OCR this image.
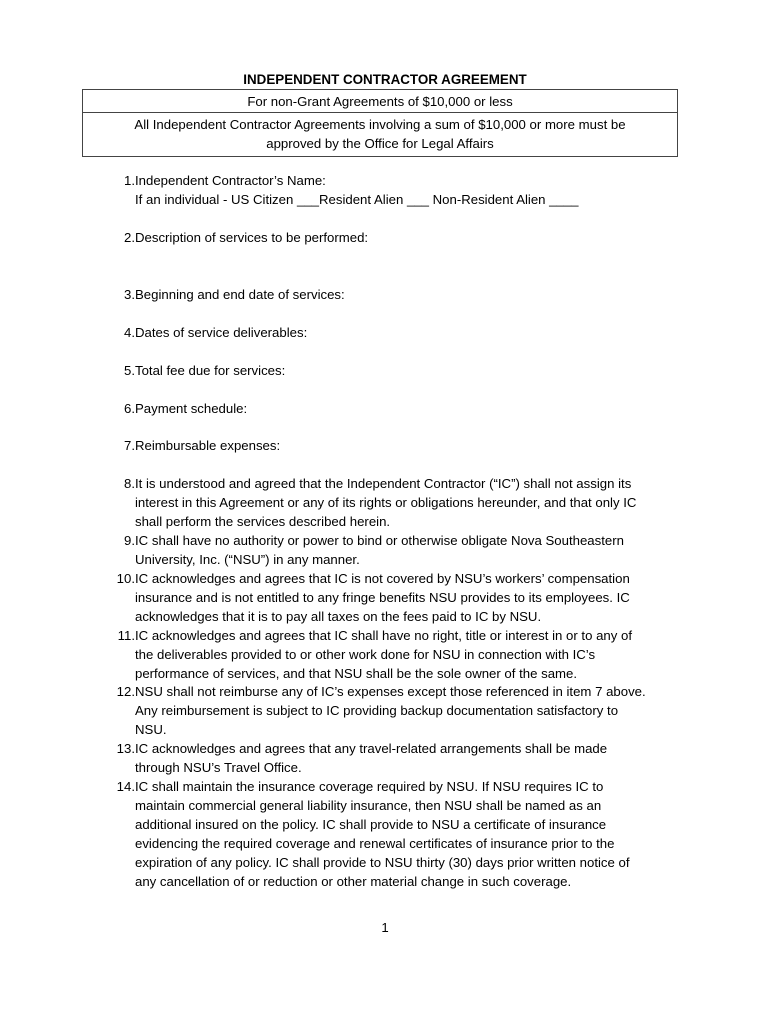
INDEPENDENT CONTRACTOR AGREEMENT
For non-Grant Agreements of $10,000 or less
All Independent Contractor Agreements involving a sum of $10,000 or more must be
approved by the Office for Legal Affairs
1. Independent Contractor’s Name:
If an individual - US Citizen ___Resident Alien ___ Non-Resident Alien ____
2. Description of services to be performed:
3. Beginning and end date of services:
4. Dates of service deliverables:
5. Total fee due for services:
6. Payment schedule:
7. Reimbursable expenses:
8. It is understood and agreed that the Independent Contractor (“IC”) shall not assign its
interest in this Agreement or any of its rights or obligations hereunder, and that only IC
shall perform the services described herein.
9. IC shall have no authority or power to bind or otherwise obligate Nova Southeastern
University, Inc. (“NSU”) in any manner.
10. IC acknowledges and agrees that IC is not covered by NSU’s workers’ compensation
insurance and is not entitled to any fringe benefits NSU provides to its employees. IC
acknowledges that it is to pay all taxes on the fees paid to IC by NSU.
11. IC acknowledges and agrees that IC shall have no right, title or interest in or to any of
the deliverables provided to or other work done for NSU in connection with IC’s
performance of services, and that NSU shall be the sole owner of the same.
12. NSU shall not reimburse any of IC’s expenses except those referenced in item 7 above.
Any reimbursement is subject to IC providing backup documentation satisfactory to
NSU.
13. IC acknowledges and agrees that any travel-related arrangements shall be made
through NSU’s Travel Office.
14. IC shall maintain the insurance coverage required by NSU. If NSU requires IC to
maintain commercial general liability insurance, then NSU shall be named as an
additional insured on the policy. IC shall provide to NSU a certificate of insurance
evidencing the required coverage and renewal certificates of insurance prior to the
expiration of any policy. IC shall provide to NSU thirty (30) days prior written notice of
any cancellation of or reduction or other material change in such coverage.
1
